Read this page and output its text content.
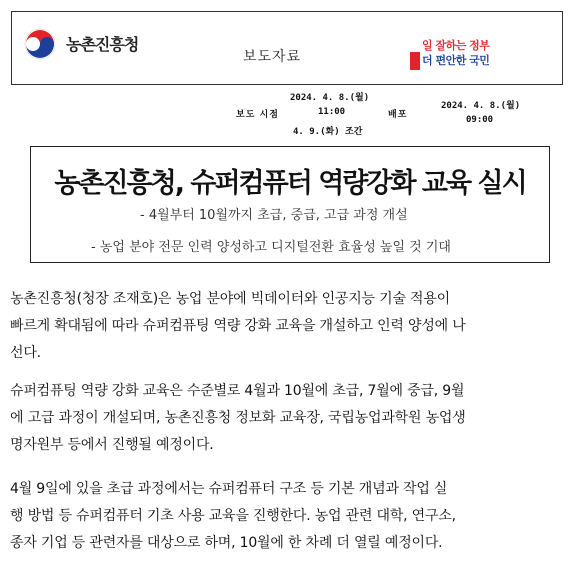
농촌진흥청
보도자료
일 잘하는 정부
더 편안한 국민
2024. 4. 8.(월)
보도 시점	11:00
4. 9.(화) 조간
배포
2024. 4. 8.(월)
09:00
농촌진흥청, 슈퍼컴퓨터 역량강화 교육 실시
- 4월부터 10월까지 초급, 중급, 고급 과정 개설
- 농업 분야 전문 인력 양성하고 디지털전환 효율성 높일 것 기대
농촌진흥청(청장 조재호)은 농업 분야에 빅데이터와 인공지능 기술 적용이
빠르게 확대됨에 따라 슈퍼컴퓨팅 역량 강화 교육을 개설하고 인력 양성에 나
선다.
슈퍼컴퓨팅 역량 강화 교육은 수준별로 4월과 10월에 초급, 7월에 중급, 9월
에 고급 과정이 개설되며, 농촌진흥청 정보화 교육장, 국립농업과학원 농업생
명자원부 등에서 진행될 예정이다.
4월 9일에 있을 초급 과정에서는 슈퍼컴퓨터 구조 등 기본 개념과 작업 실
행 방법 등 슈퍼컴퓨터 기초 사용 교육을 진행한다. 농업 관련 대학, 연구소,
종자 기업 등 관련자를 대상으로 하며, 10월에 한 차례 더 열릴 예정이다.
